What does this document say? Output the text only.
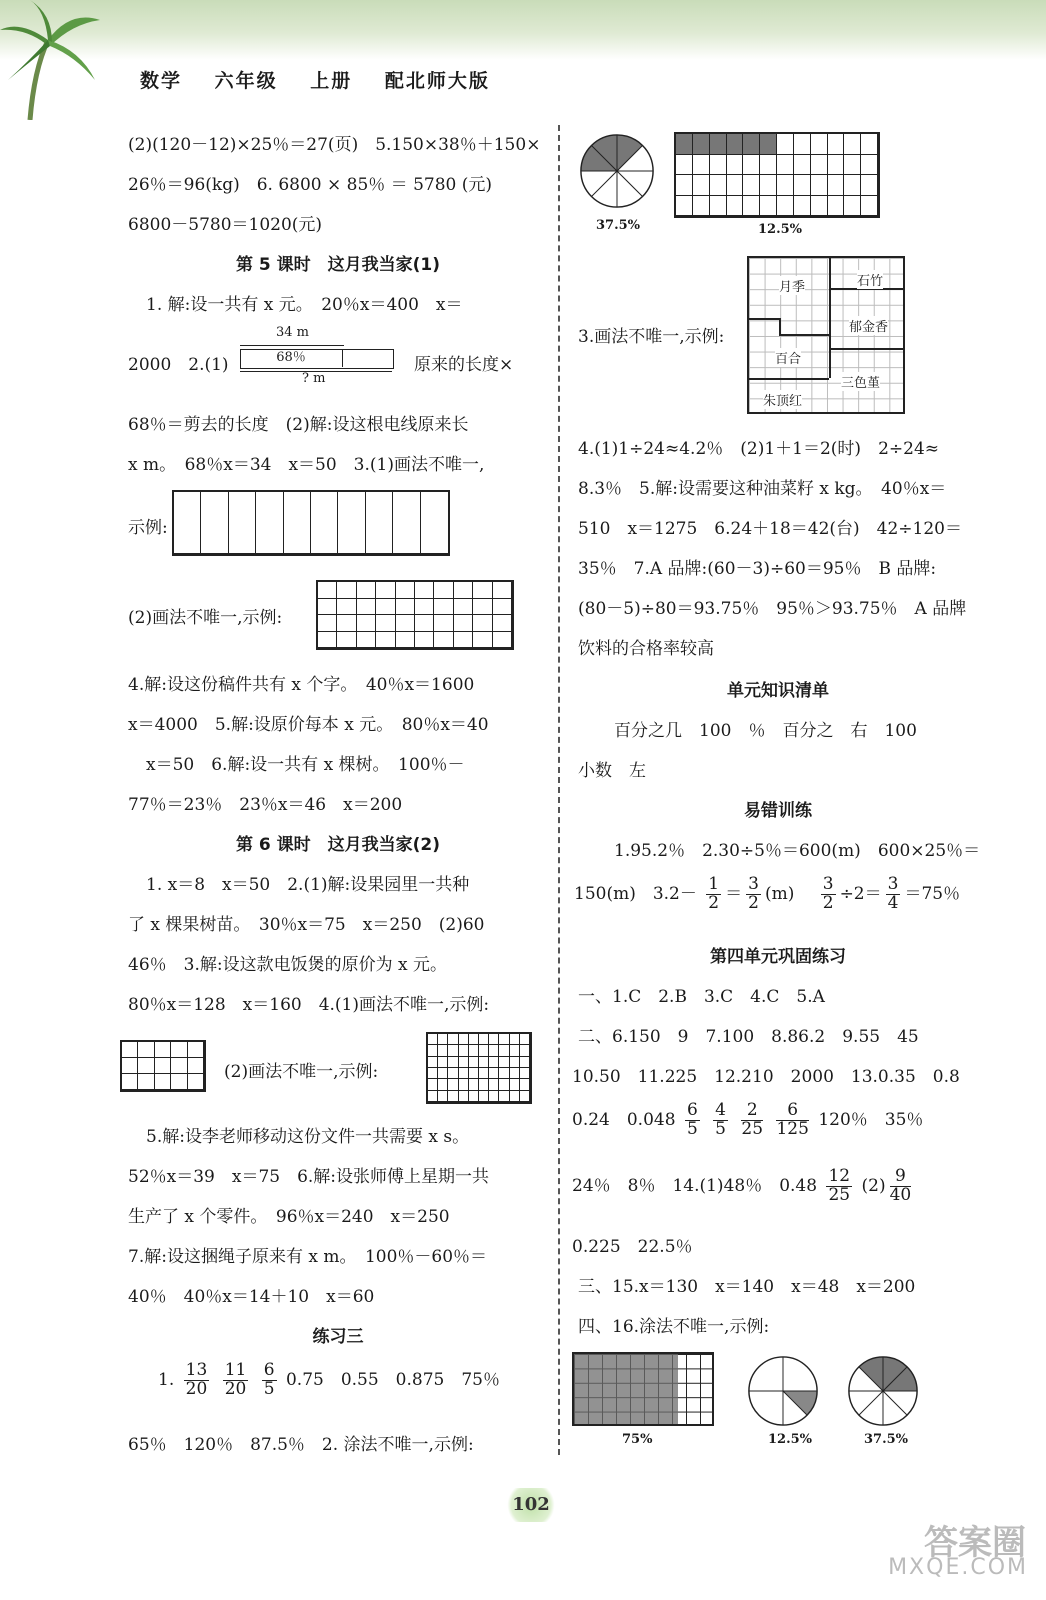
数学 六年级 上册 配北师大版
(2)(120－12)×25％＝27(页)　5.150×38％＋150×
26％＝96(kg)　6. 6800 × 85％ ＝ 5780 (元)
6800－5780＝1020(元)
第 5 课时　这月我当家(1)
1. 解:设一共有 x 元。　20％x＝400　x＝
2000　2.(1)
34 m
68％
? m
原来的长度×
68％＝剪去的长度　(2)解:设这根电线原来长
x m。　68％x＝34　x＝50　3.(1)画法不唯一,
示例:
(2)画法不唯一,示例:
4.解:设这份稿件共有 x 个字。　40％x＝1600
x＝4000　5.解:设原价每本 x 元。　80％x＝40
x＝50　6.解:设一共有 x 棵树。　100％－
77％＝23％　23％x＝46　x＝200
第 6 课时　这月我当家(2)
1. x＝8　x＝50　2.(1)解:设果园里一共种
了 x 棵果树苗。　30％x＝75　x＝250　(2)60
46％　3.解:设这款电饭煲的原价为 x 元。
80％x＝128　x＝160　4.(1)画法不唯一,示例:
(2)画法不唯一,示例:
5.解:设李老师移动这份文件一共需要 x s。
52％x＝39　x＝75　6.解:设张师傅上星期一共
生产了 x 个零件。　96％x＝240　x＝250
7.解:设这捆绳子原来有 x m。　100％－60％＝
40％　40％x＝14＋10　x＝60
练习三
1. $\frac{13}{20}$
$\frac{11}{20}$
$\frac{6}{5} 0.75$　0.55　0.875　75％
65％　120％　87.5％　2. 涂法不唯一,示例:
37.5%	12.5%
月季	石竹
郁金香
百合
三色堇
朱顶红
3.画法不唯一,示例:
4.(1)1÷24≈4.2％　(2)1＋1＝2(时)　2÷24≈
8.3％　5.解:设需要这种油菜籽 x kg。　40％x＝
510　x＝1275　6.24＋18＝42(台)　42÷120＝
35％　7.A 品牌:(60－3)÷60＝95％　B 品牌:
(80－5)÷80＝93.75％　95％＞93.75％　A 品牌
饮料的合格率较高
单元知识清单
百分之几　100　％　百分之　右　100
小数　左
易错训练
1.95.2％　2.30÷5％＝600(m)　600×25％＝
150(m)　$3.2- \frac{1}{2} = \frac{3}{2} (m)$ 　 $\frac{3}{2} \div 2= \frac{3}{4} =75$％
第四单元巩固练习
一、1.C　2.B　3.C　4.C　5.A
二、6.150　9　7.100　8.86.2　9.55　45
10.50　11.225　12.210　2000　13.0.35　0.8
0.24　$0.048 \frac{6}{5}$
$\frac{4}{5}$
$\frac{2}{25}$
$\frac{6}{125} 120$％　35％
24％　8％　14.(1)48％　$0.48 \frac{12}{25} (2) \frac{9}{40}$
0.225　22.5％
三、15.x＝130　x＝140　x＝48　x＝200
四、16.涂法不唯一,示例:
75%	12.5%	37.5%
102
答案圈
MXQE.COM
